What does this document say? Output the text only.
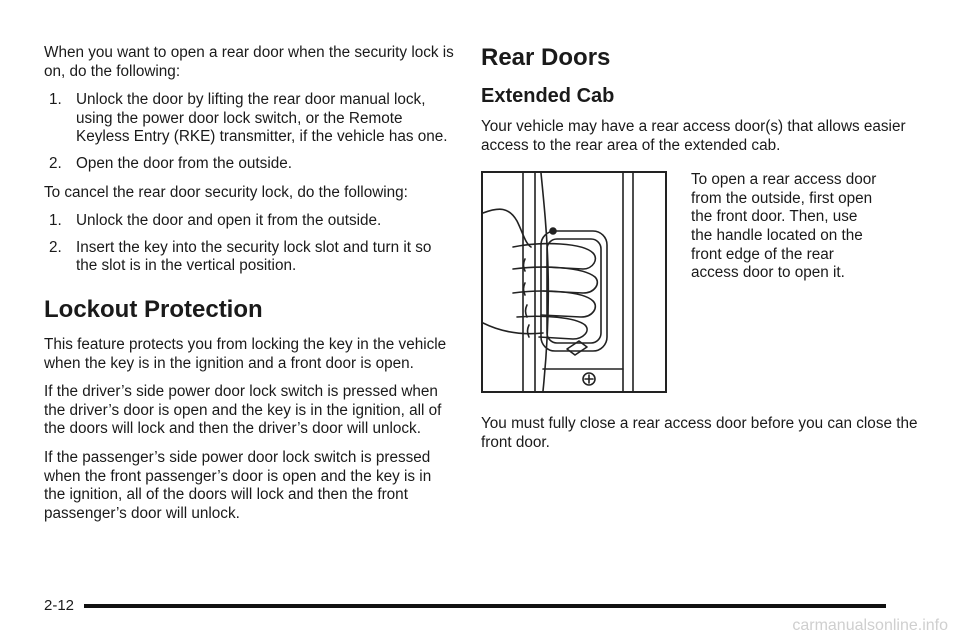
When you want to open a rear door when the security lock is on, do the following:

1. Unlock the door by lifting the rear door manual lock, using the power door lock switch, or the Remote Keyless Entry (RKE) transmitter, if the vehicle has one.
2. Open the door from the outside.

To cancel the rear door security lock, do the following:

1. Unlock the door and open it from the outside.
2. Insert the key into the security lock slot and turn it so the slot is in the vertical position.
Lockout Protection

This feature protects you from locking the key in the vehicle when the key is in the ignition and a front door is open.

If the driver’s side power door lock switch is pressed when the driver’s door is open and the key is in the ignition, all of the doors will lock and then the driver’s door will unlock.

If the passenger’s side power door lock switch is pressed when the front passenger’s door is open and the key is in the ignition, all of the doors will lock and then the front passenger’s door will unlock.

Rear Doors
Extended Cab

Your vehicle may have a rear access door(s) that allows easier access to the rear area of the extended cab.

To open a rear access door from the outside, first open the front door. Then, use the handle located on the front edge of the rear access door to open it.

You must fully close a rear access door before you can close the front door.

2-12
carmanualsonline.info
